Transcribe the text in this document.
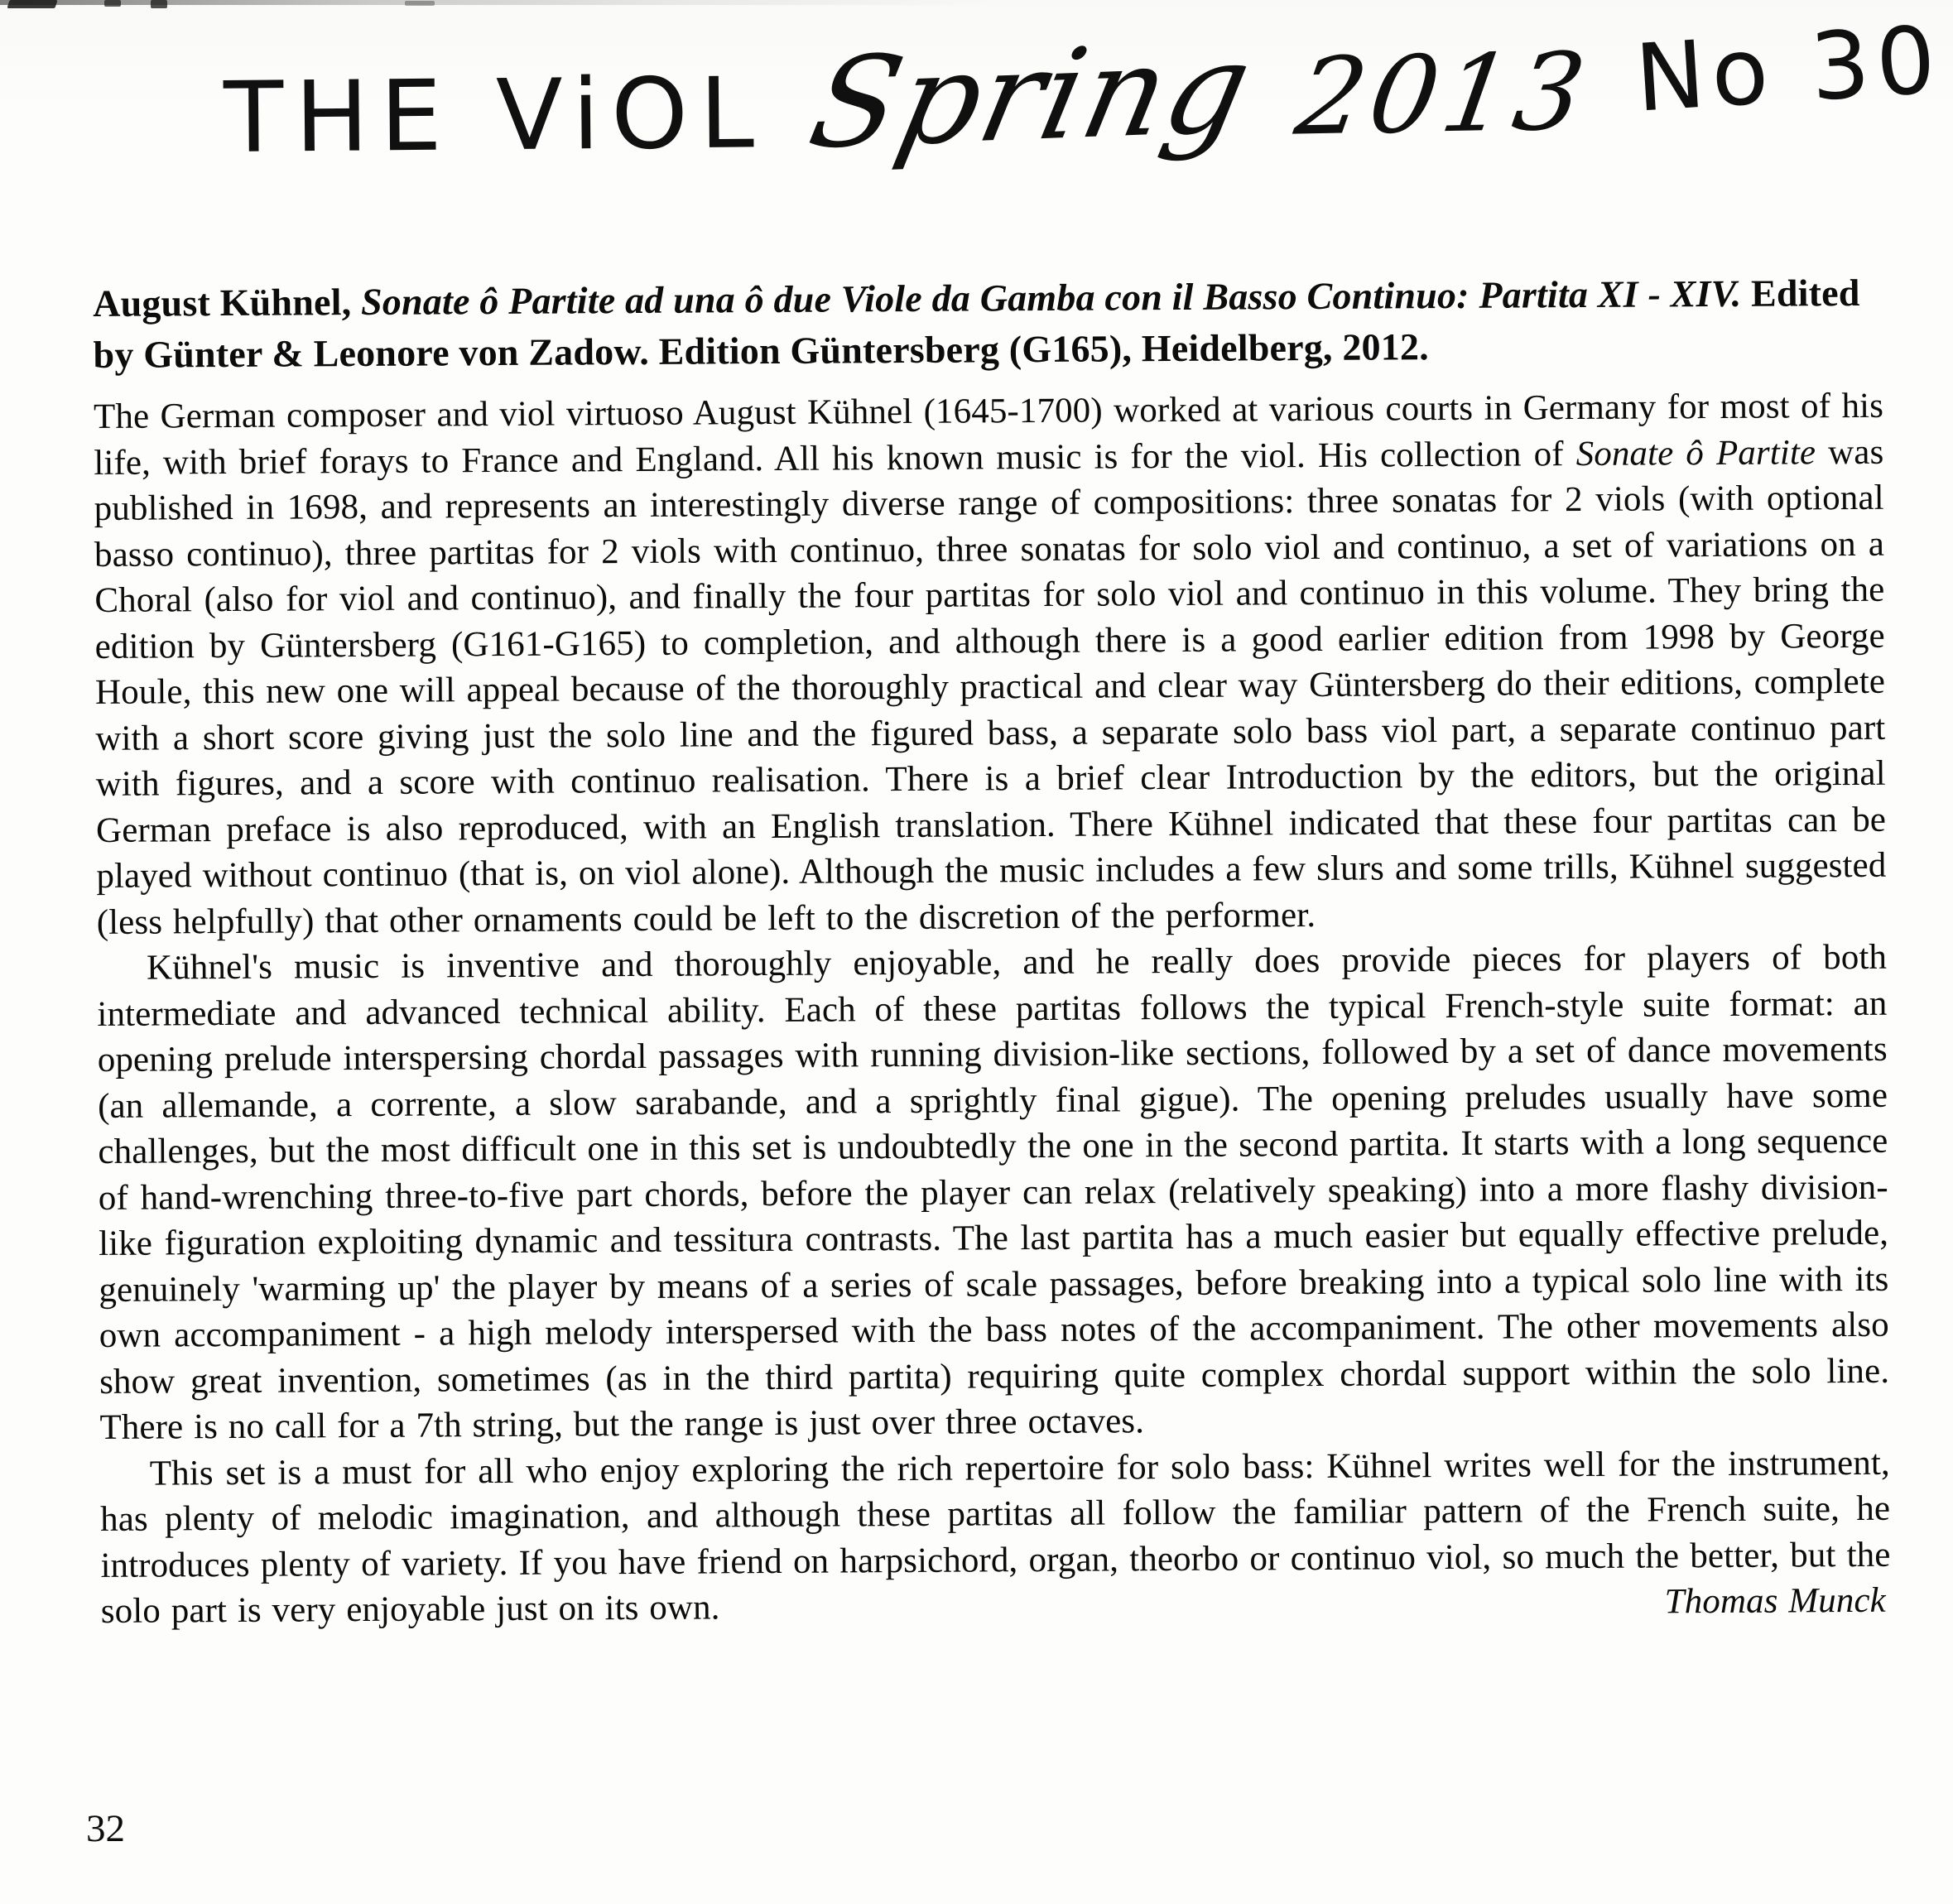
THE ViOL Spring 2013 No 30
August Kühnel, Sonate ô Partite ad una ô due Viole da Gamba con il Basso Continuo: Partita XI - XIV. Edited by Günter & Leonore von Zadow. Edition Güntersberg (G165), Heidelberg, 2012.

The German composer and viol virtuoso August Kühnel (1645-1700) worked at various courts in Germany for most of his life, with brief forays to France and England. All his known music is for the viol. His collection of Sonate ô Partite was published in 1698, and represents an interestingly diverse range of compositions: three sonatas for 2 viols (with optional basso continuo), three partitas for 2 viols with continuo, three sonatas for solo viol and continuo, a set of variations on a Choral (also for viol and continuo), and finally the four partitas for solo viol and continuo in this volume. They bring the edition by Güntersberg (G161-G165) to completion, and although there is a good earlier edition from 1998 by George Houle, this new one will appeal because of the thoroughly practical and clear way Güntersberg do their editions, complete with a short score giving just the solo line and the figured bass, a separate solo bass viol part, a separate continuo part with figures, and a score with continuo realisation. There is a brief clear Introduction by the editors, but the original German preface is also reproduced, with an English translation. There Kühnel indicated that these four partitas can be played without continuo (that is, on viol alone). Although the music includes a few slurs and some trills, Kühnel suggested (less helpfully) that other ornaments could be left to the discretion of the performer.

Kühnel's music is inventive and thoroughly enjoyable, and he really does provide pieces for players of both intermediate and advanced technical ability. Each of these partitas follows the typical French-style suite format: an opening prelude interspersing chordal passages with running division-like sections, followed by a set of dance movements (an allemande, a corrente, a slow sarabande, and a sprightly final gigue). The opening preludes usually have some challenges, but the most difficult one in this set is undoubtedly the one in the second partita. It starts with a long sequence of hand-wrenching three-to-five part chords, before the player can relax (relatively speaking) into a more flashy division-like figuration exploiting dynamic and tessitura contrasts. The last partita has a much easier but equally effective prelude, genuinely 'warming up' the player by means of a series of scale passages, before breaking into a typical solo line with its own accompaniment - a high melody interspersed with the bass notes of the accompaniment. The other movements also show great invention, sometimes (as in the third partita) requiring quite complex chordal support within the solo line. There is no call for a 7th string, but the range is just over three octaves.

This set is a must for all who enjoy exploring the rich repertoire for solo bass: Kühnel writes well for the instrument, has plenty of melodic imagination, and although these partitas all follow the familiar pattern of the French suite, he introduces plenty of variety. If you have friend on harpsichord, organ, theorbo or continuo viol, so much the better, but the solo part is very enjoyable just on its own.	Thomas Munck

32
